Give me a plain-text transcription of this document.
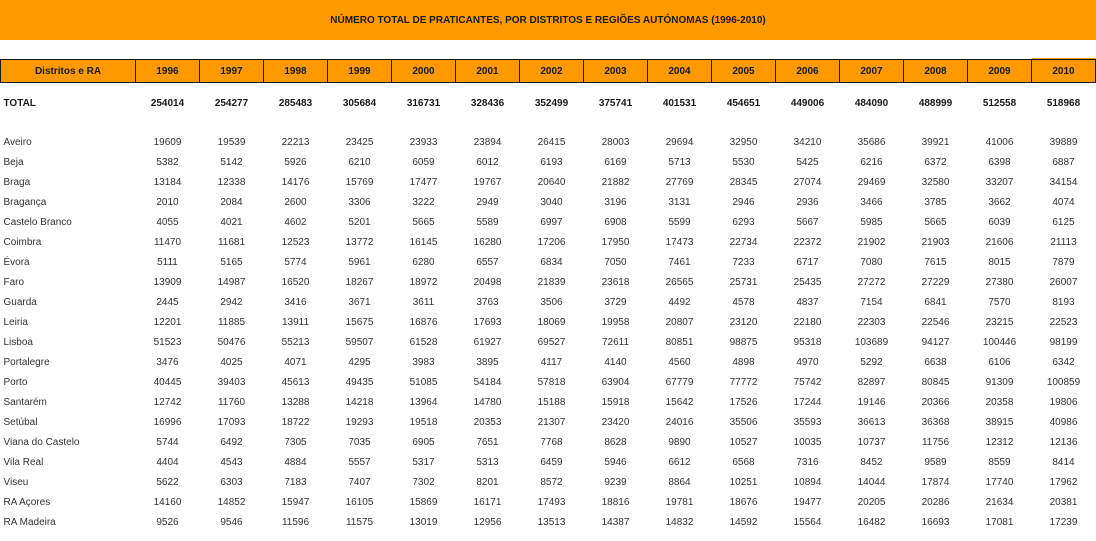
NÚMERO TOTAL DE PRATICANTES, POR DISTRITOS E REGIÕES AUTÓNOMAS (1996-2010)
Distritos e RA	1996	1997	1998	1999	2000	2001	2002	2003	2004	2005	2006	2007	2008	2009	2010
TOTAL	254014	254277	285483	305684	316731	328436	352499	375741	401531	454651	449006	484090	488999	512558	518968

Aveiro	19609	19539	22213	23425	23933	23894	26415	28003	29694	32950	34210	35686	39921	41006	39889
Beja	5382	5142	5926	6210	6059	6012	6193	6169	5713	5530	5425	6216	6372	6398	6887
Braga	13184	12338	14176	15769	17477	19767	20640	21882	27769	28345	27074	29469	32580	33207	34154
Bragança	2010	2084	2600	3306	3222	2949	3040	3196	3131	2946	2936	3466	3785	3662	4074
Castelo Branco	4055	4021	4602	5201	5665	5589	6997	6908	5599	6293	5667	5985	5665	6039	6125
Coimbra	11470	11681	12523	13772	16145	16280	17206	17950	17473	22734	22372	21902	21903	21606	21113
Évora	5111	5165	5774	5961	6280	6557	6834	7050	7461	7233	6717	7080	7615	8015	7879
Faro	13909	14987	16520	18267	18972	20498	21839	23618	26565	25731	25435	27272	27229	27380	26007
Guarda	2445	2942	3416	3671	3611	3763	3506	3729	4492	4578	4837	7154	6841	7570	8193
Leiria	12201	11885	13911	15675	16876	17693	18069	19958	20807	23120	22180	22303	22546	23215	22523
Lisboa	51523	50476	55213	59507	61528	61927	69527	72611	80851	98875	95318	103689	94127	100446	98199
Portalegre	3476	4025	4071	4295	3983	3895	4117	4140	4560	4898	4970	5292	6638	6106	6342
Porto	40445	39403	45613	49435	51085	54184	57818	63904	67779	77772	75742	82897	80845	91309	100859
Santarém	12742	11760	13288	14218	13964	14780	15188	15918	15642	17526	17244	19146	20366	20358	19806
Setúbal	16996	17093	18722	19293	19518	20353	21307	23420	24016	35506	35593	36613	36368	38915	40986
Viana do Castelo	5744	6492	7305	7035	6905	7651	7768	8628	9890	10527	10035	10737	11756	12312	12136
Vila Real	4404	4543	4884	5557	5317	5313	6459	5946	6612	6568	7316	8452	9589	8559	8414
Viseu	5622	6303	7183	7407	7302	8201	8572	9239	8864	10251	10894	14044	17874	17740	17962
RA Açores	14160	14852	15947	16105	15869	16171	17493	18816	19781	18676	19477	20205	20286	21634	20381
RA Madeira	9526	9546	11596	11575	13019	12956	13513	14387	14832	14592	15564	16482	16693	17081	17239
